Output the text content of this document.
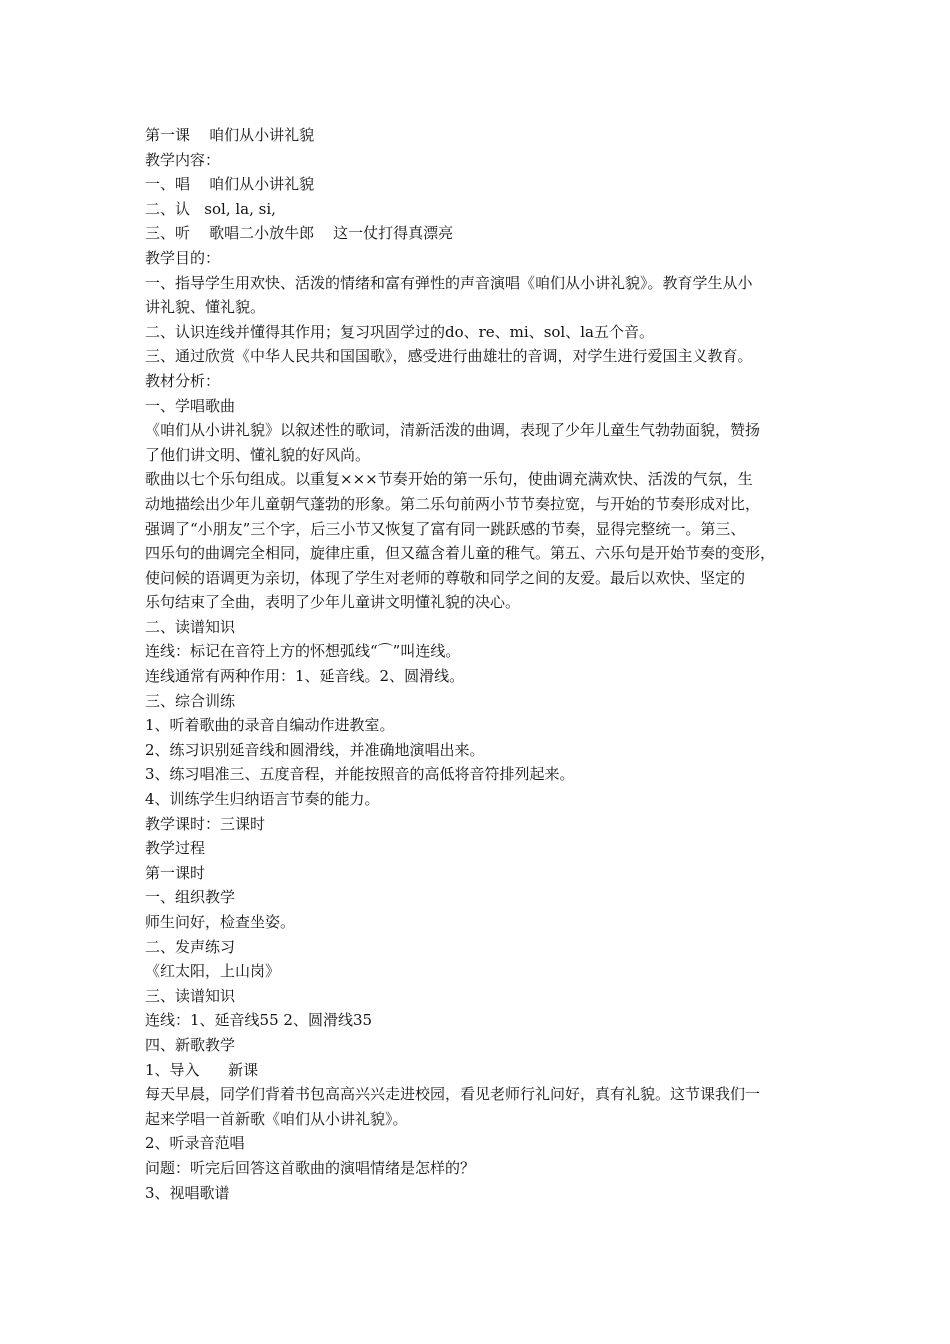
第一课    咱们从小讲礼貌
教学内容：
一、唱    咱们从小讲礼貌
二、认   sol, la, si,
三、听    歌唱二小放牛郎    这一仗打得真漂亮
教学目的：
一、指导学生用欢快、活泼的情绪和富有弹性的声音演唱《咱们从小讲礼貌》。教育学生从小
讲礼貌、懂礼貌。
二、认识连线并懂得其作用；复习巩固学过的do、re、mi、sol、la五个音。
三、通过欣赏《中华人民共和国国歌》，感受进行曲雄壮的音调，对学生进行爱国主义教育。
教材分析：
一、学唱歌曲
《咱们从小讲礼貌》以叙述性的歌词，清新活泼的曲调，表现了少年儿童生气勃勃面貌，赞扬
了他们讲文明、懂礼貌的好风尚。
歌曲以七个乐句组成。以重复×××节奏开始的第一乐句，使曲调充满欢快、活泼的气氛，生
动地描绘出少年儿童朝气蓬勃的形象。第二乐句前两小节节奏拉宽，与开始的节奏形成对比，
强调了“小朋友”三个字，后三小节又恢复了富有同一跳跃感的节奏，显得完整统一。第三、
四乐句的曲调完全相同，旋律庄重，但又蕴含着儿童的稚气。第五、六乐句是开始节奏的变形，
使问候的语调更为亲切，体现了学生对老师的尊敬和同学之间的友爱。最后以欢快、坚定的
乐句结束了全曲，表明了少年儿童讲文明懂礼貌的决心。
二、读谱知识
连线：标记在音符上方的怀想弧线“⌒”叫连线。
连线通常有两种作用：1、延音线。2、圆滑线。
三、综合训练
1、听着歌曲的录音自编动作进教室。
2、练习识别延音线和圆滑线，并准确地演唱出来。
3、练习唱准三、五度音程，并能按照音的高低将音符排列起来。
4、训练学生归纳语言节奏的能力。
教学课时：三课时
教学过程
第一课时
一、组织教学
师生问好，检查坐姿。
二、发声练习
《红太阳，上山岗》
三、读谱知识
连线：1、延音线55 2、圆滑线35
四、新歌教学
1、导入      新课
每天早晨，同学们背着书包高高兴兴走进校园，看见老师行礼问好，真有礼貌。这节课我们一
起来学唱一首新歌《咱们从小讲礼貌》。
2、听录音范唱
问题：听完后回答这首歌曲的演唱情绪是怎样的？
3、视唱歌谱
